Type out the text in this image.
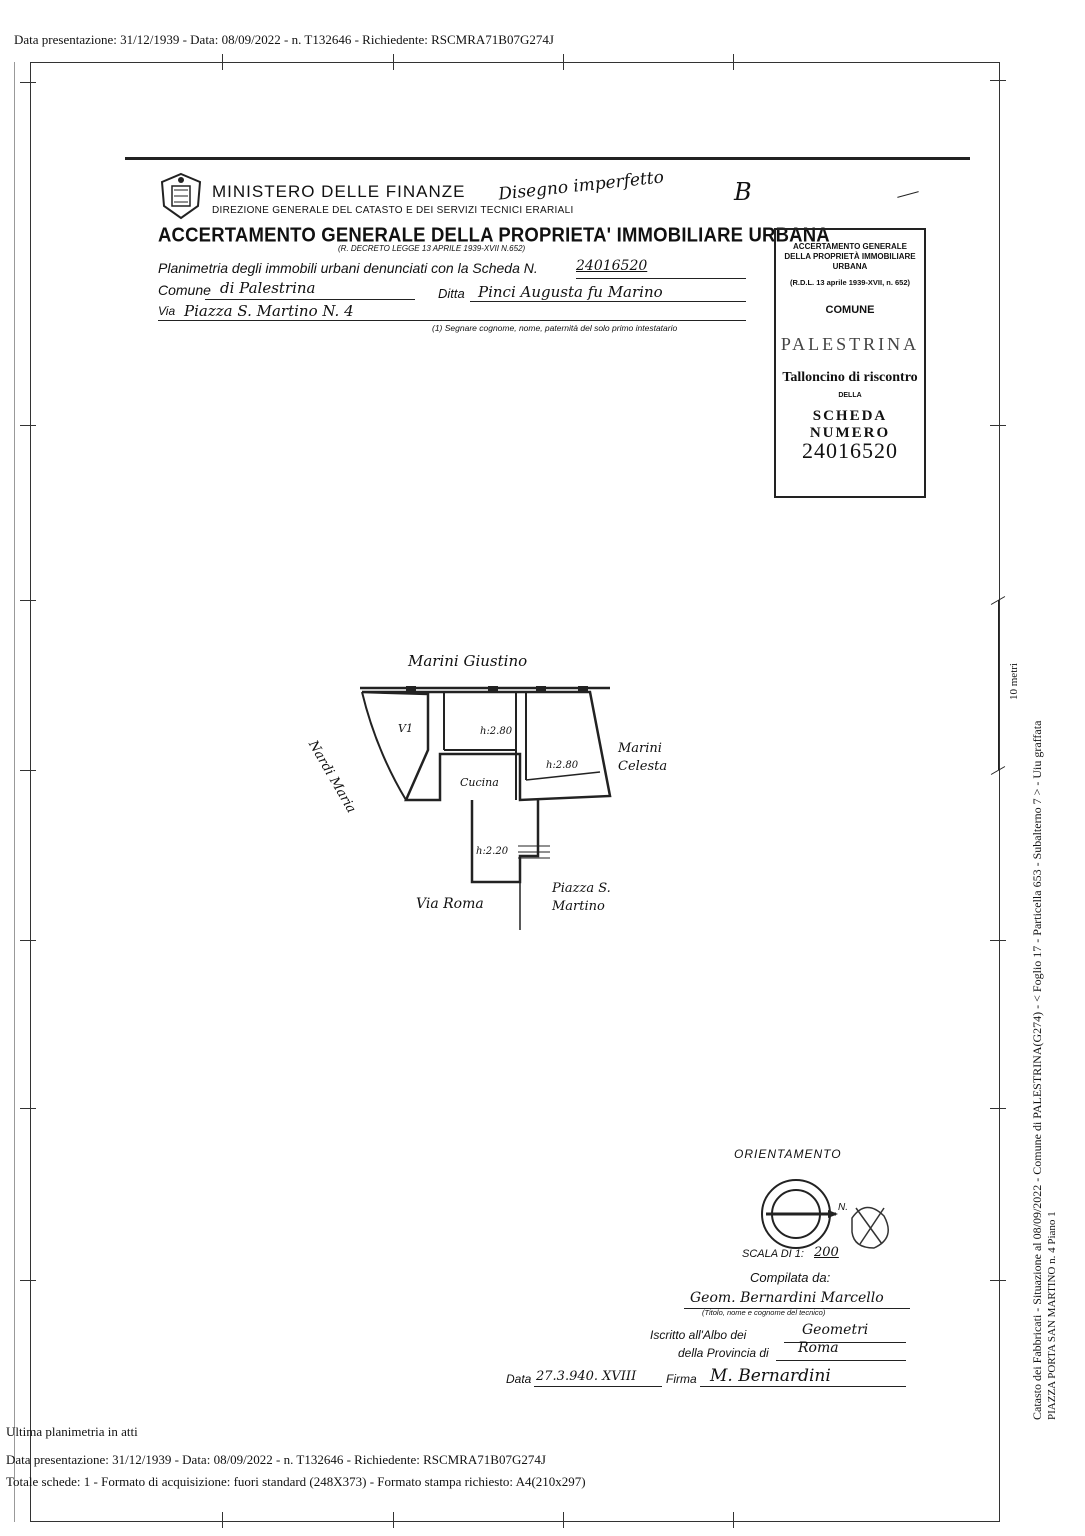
Data presentazione: 31/12/1939 - Data: 08/09/2022 - n. T132646 - Richiedente: RSCMRA71B07G274J
MINISTERO DELLE FINANZE Disegno imperfetto	B
DIREZIONE GENERALE DEL CATASTO E DEI SERVIZI TECNICI ERARIALI
ACCERTAMENTO GENERALE DELLA PROPRIETA' IMMOBILIARE URBANA
(R. DECRETO LEGGE 13 APRILE 1939-XVII N.652)
Planimetria degli immobili urbani denunciati con la Scheda N.	24016520
Comune di Palestrina	Ditta Pinci Augusta fu Marino
Via Piazza S. Martino N. 4
(1) Segnare cognome, nome, paternità del solo primo intestatario
ACCERTAMENTO GENERALE DELLA PROPRIETÀ IMMOBILIARE URBANA
(R.D.L. 13 aprile 1939-XVII, n. 652)
COMUNE
PALESTRINA
Talloncino di riscontro
DELLA
SCHEDA NUMERO
24016520
Marini Giustino
Nardi Maria	Marini Celesta
Via Roma
Piazza S. Martino
V1	h:2.80
h:2.80
Cucina
h:2.20
ORIENTAMENTO
N.
SCALA DI 1: 200
Compilata da:
Geom. Bernardini Marcello
(Titolo, nome e cognome del tecnico)
Iscritto all'Albo dei	Geometri
della Provincia di Roma
Data 27.3.940. XVIII Firma M. Bernardini
10 metri
Catasto dei Fabbricati - Situazione al 08/09/2022 - Comune di PALESTRINA(G274) - < Foglio 17 - Particella 653 - Subalterno 7 > - Uiu graffata PIAZZA PORTA SAN MARTINO n. 4 Piano 1
Ultima planimetria in atti
Data presentazione: 31/12/1939 - Data: 08/09/2022 - n. T132646 - Richiedente: RSCMRA71B07G274J
Totale schede: 1 - Formato di acquisizione: fuori standard (248X373) - Formato stampa richiesto: A4(210x297)
